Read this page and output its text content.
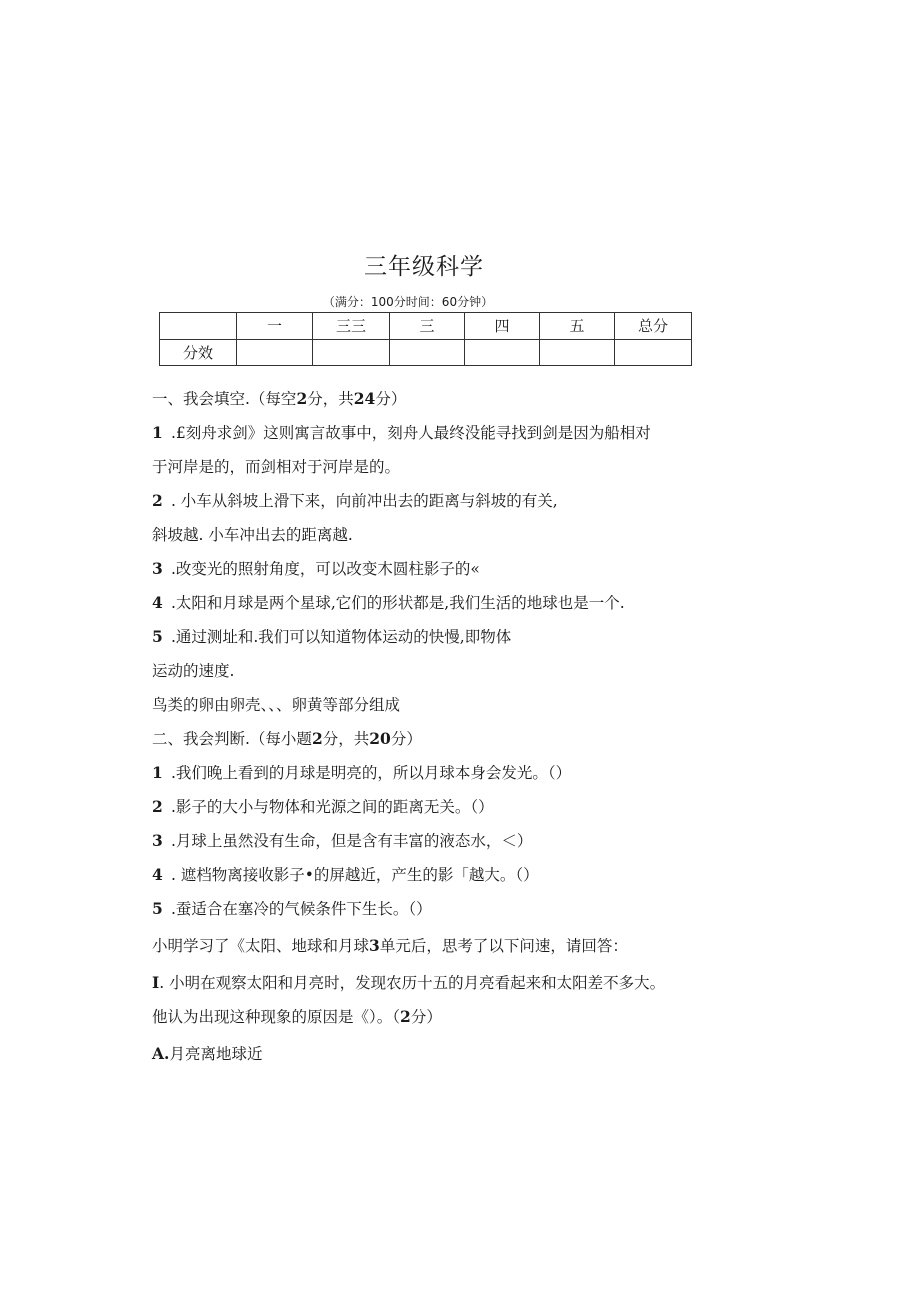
三年级科学
（满分：100分时间：60分钟）
	一	三三	三	四	五	总分
分效						
一、我会填空.（每空2分，共24分）
1 .£刻舟求剑》这则寓言故事中，刻舟人最终没能寻找到剑是因为船相对
于河岸是的，而剑相对于河岸是的。
2 . 小车从斜坡上滑下来，向前冲出去的距离与斜坡的有关,
斜坡越. 小车冲出去的距离越.
3 .改变光的照射角度，可以改变木圆柱影子的«
4 .太阳和月球是两个星球,它们的形状都是,我们生活的地球也是一个.
5 .通过测址和.我们可以知道物体运动的快慢,即物体
运动的速度.
鸟类的卵由卵壳、、、卵黄等部分组成
二、我会判断.（每小题2分，共20分）
1 .我们晚上看到的月球是明亮的，所以月球本身会发光。（）
2 .影子的大小与物体和光源之间的距离无关。（）
3 .月球上虽然没有生命，但是含有丰富的液态水，＜）
4 . 遮档物离接收影子•的屏越近，产生的影「越大。（）
5 .蚕适合在塞冷的气候条件下生长。（）
小明学习了《太阳、地球和月球3单元后，思考了以下问速，请回答：
I. 小明在观察太阳和月亮时，发现农历十五的月亮看起来和太阳差不多大。
他认为出现这种现象的原因是《）。（2分）
A.月亮离地球近
